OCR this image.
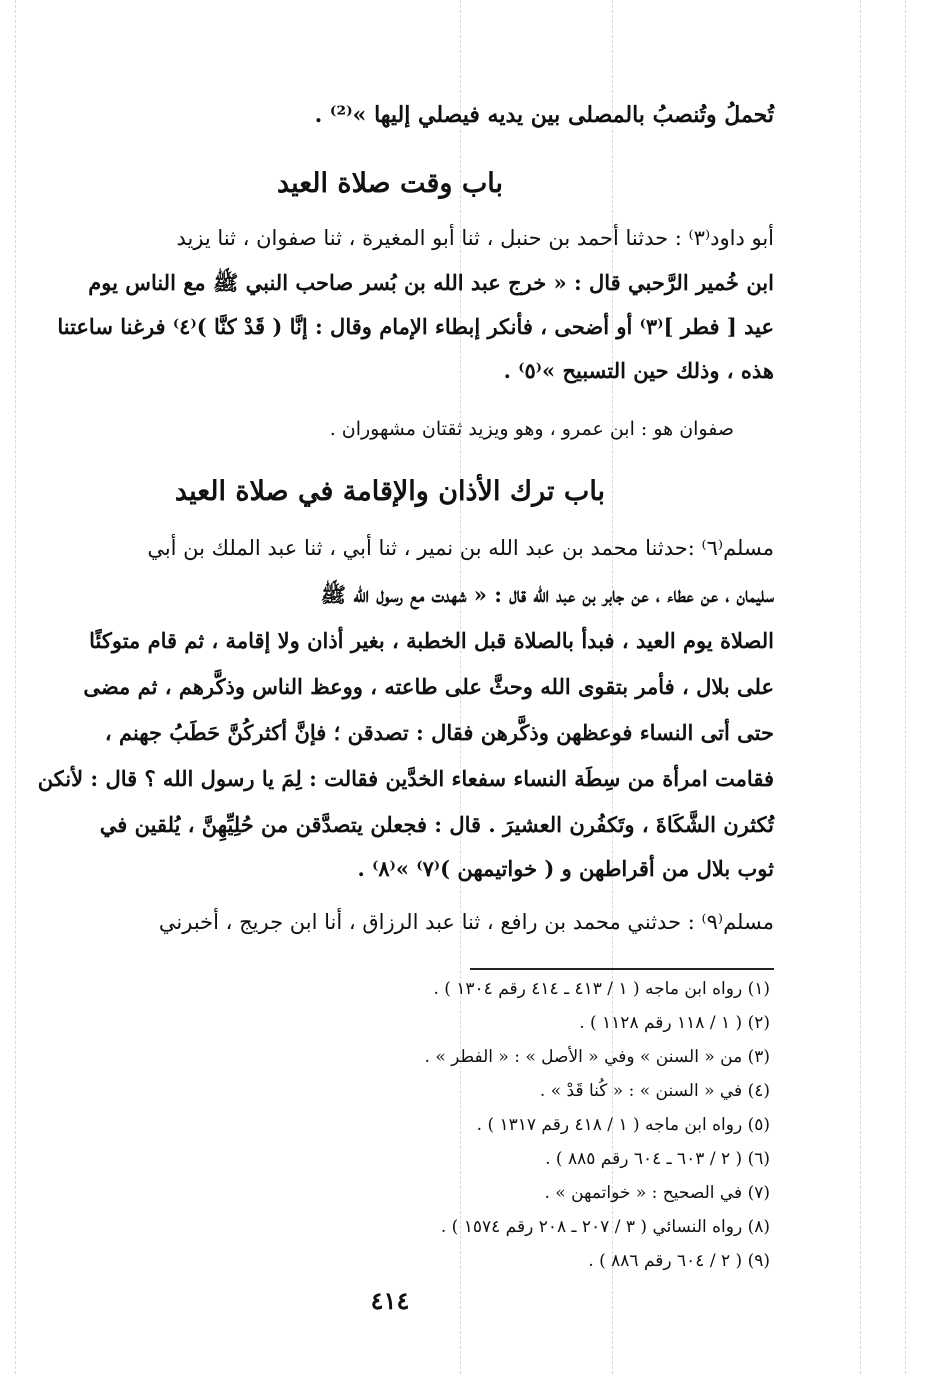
تُحملُ وتُنصبُ بالمصلى بين يديه فيصلي إليها »⁽²⁾ .
باب وقت صلاة العيد
أبو داود⁽٣⁾ : حدثنا أحمد بن حنبل ، ثنا أبو المغيرة ، ثنا صفوان ، ثنا يزيد
ابن خُمير الرَّحبي قال : « خرج عبد الله بن بُسر صاحب النبي ﷺ مع الناس يوم
عيد [ فطر ]⁽٣⁾ أو أضحى ، فأنكر إبطاء الإمام وقال : إنَّا ( قَدْ كنَّا )⁽٤⁾ فرغنا ساعتنا
هذه ، وذلك حين التسبيح »⁽٥⁾ .
صفوان هو : ابن عمرو ، وهو ويزيد ثقتان مشهوران .
باب ترك الأذان والإقامة في صلاة العيد
مسلم⁽٦⁾ :حدثنا محمد بن عبد الله بن نمير ، ثنا أبي ، ثنا عبد الملك بن أبي
سليمان ، عن عطاء ، عن جابر بن عبد الله قال : « شهدت مع رسول الله ﷺ
الصلاة يوم العيد ، فبدأ بالصلاة قبل الخطبة ، بغير أذان ولا إقامة ، ثم قام متوكئًا
على بلال ، فأمر بتقوى الله وحثَّ على طاعته ، ووعظ الناس وذكَّرهم ، ثم مضى
حتى أتى النساء فوعظهن وذكَّرهن فقال : تصدقن ؛ فإنَّ أكثركُنَّ حَطَبُ جهنم ،
فقامت امرأة من سِطَة النساء سفعاء الخدَّين فقالت : لِمَ يا رسول الله ؟ قال : لأنكن
تُكثرن الشَّكَاةَ ، وتَكفُرن العشيرَ . قال : فجعلن يتصدَّقن من حُلِيِّهِنَّ ، يُلقين في
ثوب بلال من أقراطهن و ( خواتيمهن )⁽٧⁾ »⁽٨⁾ .
مسلم⁽٩⁾ : حدثني محمد بن رافع ، ثنا عبد الرزاق ، أنا ابن جريج ، أخبرني
(١) رواه ابن ماجه ( ١ / ٤١٣ ـ ٤١٤ رقم ١٣٠٤ ) .
(٢) ( ١ / ١١٨ رقم ١١٢٨ ) .
(٣) من « السنن » وفي « الأصل » : « الفطر » .
(٤) في « السنن » : « كُنا قَدْ » .
(٥) رواه ابن ماجه ( ١ / ٤١٨ رقم ١٣١٧ ) .
(٦) ( ٢ / ٦٠٣ ـ ٦٠٤ رقم ٨٨٥ ) .
(٧) في الصحيح : « خواتمهن » .
(٨) رواه النسائي ( ٣ / ٢٠٧ ـ ٢٠٨ رقم ١٥٧٤ ) .
(٩) ( ٢ / ٦٠٤ رقم ٨٨٦ ) .
٤١٤
